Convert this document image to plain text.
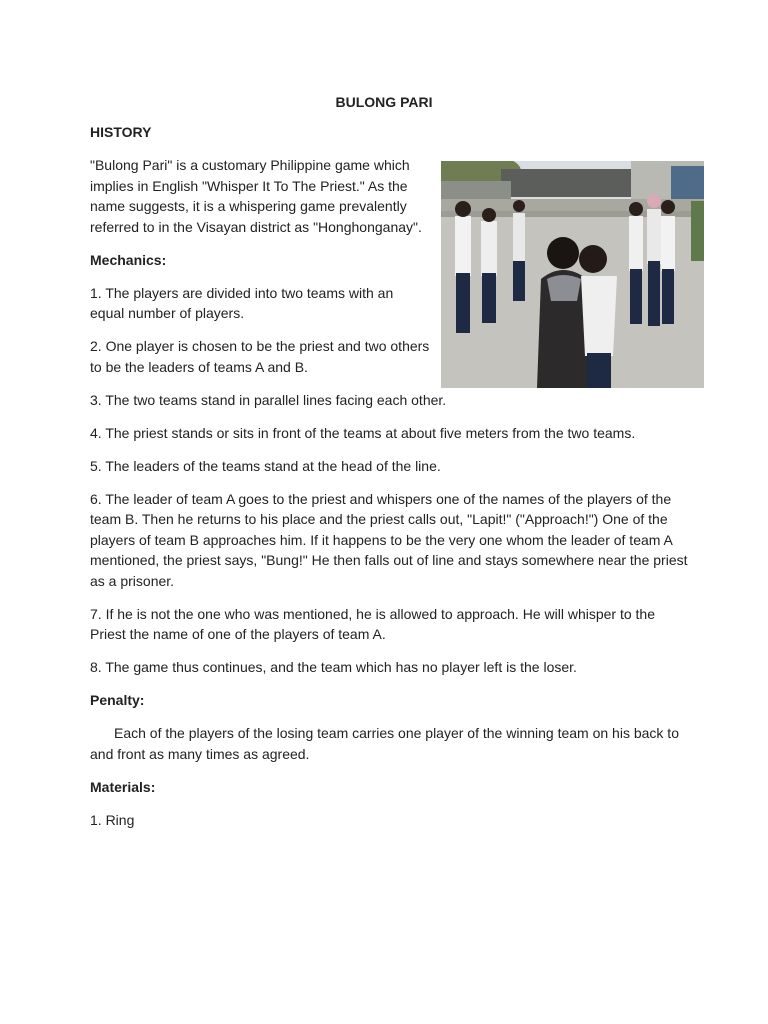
BULONG PARI

HISTORY

"Bulong Pari" is a customary Philippine game which implies in English "Whisper It To The Priest." As the name suggests, it is a whispering game prevalently referred to in the Visayan district as "Honghonganay".

Mechanics:

1. The players are divided into two teams with an equal number of players.

2. One player is chosen to be the priest and two others to be the leaders of teams A and B.

3. The two teams stand in parallel lines facing each other.

4. The priest stands or sits in front of the teams at about five meters from the two teams.

5. The leaders of the teams stand at the head of the line.

6. The leader of team A goes to the priest and whispers one of the names of the players of the team B. Then he returns to his place and the priest calls out, "Lapit!" ("Approach!") One of the players of team B approaches him. If it happens to be the very one whom the leader of team A mentioned, the priest says, "Bung!" He then falls out of line and stays somewhere near the priest as a prisoner.

7. If he is not the one who was mentioned, he is allowed to approach. He will whisper to the Priest the name of one of the players of team A.

8. The game thus continues, and the team which has no player left is the loser.

Penalty:

Each of the players of the losing team carries one player of the winning team on his back to and front as many times as agreed.

Materials:

1. Ring
